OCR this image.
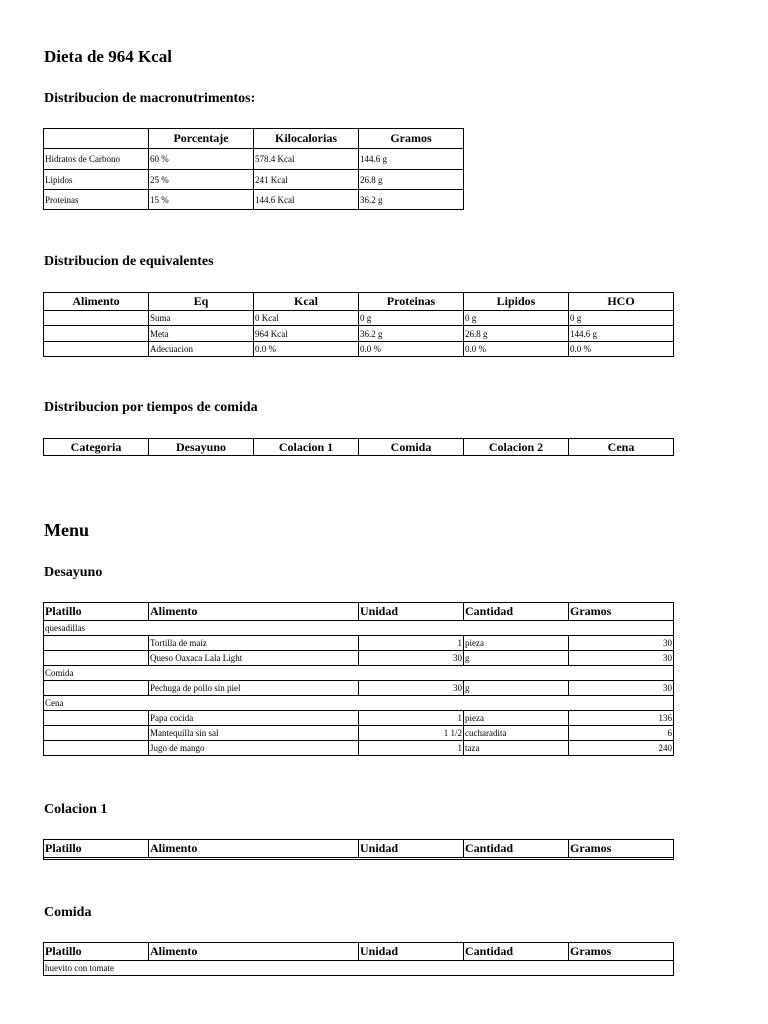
Dieta de 964 Kcal
Distribucion de macronutrimentos:
	Porcentaje	Kilocalorias	Gramos
Hidratos de Carbono	60 %	578.4 Kcal	144.6 g
Lipidos	25 %	241 Kcal	26.8 g
Proteinas	15 %	144.6 Kcal	36.2 g
Distribucion de equivalentes
Alimento	Eq	Kcal	Proteinas	Lipidos	HCO
	Suma	0 Kcal	0 g	0 g	0 g
	Meta	964 Kcal	36.2 g	26.8 g	144.6 g
	Adecuacion	0.0 %	0.0 %	0.0 %	0.0 %
Distribucion por tiempos de comida
Categoria	Desayuno	Colacion 1	Comida	Colacion 2	Cena
Menu
Desayuno
Platillo	Alimento	Unidad	Cantidad	Gramos
quesadillas				
	Tortilla de maíz	1	pieza	30
	Queso Oaxaca Lala Light	30	g	30
Comida				
	Pechuga de pollo sin piel	30	g	30
Cena				
	Papa cocida	1	pieza	136
	Mantequilla sin sal	1 1/2	cucharadita	6
	Jugo de mango	1	taza	240
Colacion 1
Platillo	Alimento	Unidad	Cantidad	Gramos

Comida
Platillo	Alimento	Unidad	Cantidad	Gramos
huevito con tomate
